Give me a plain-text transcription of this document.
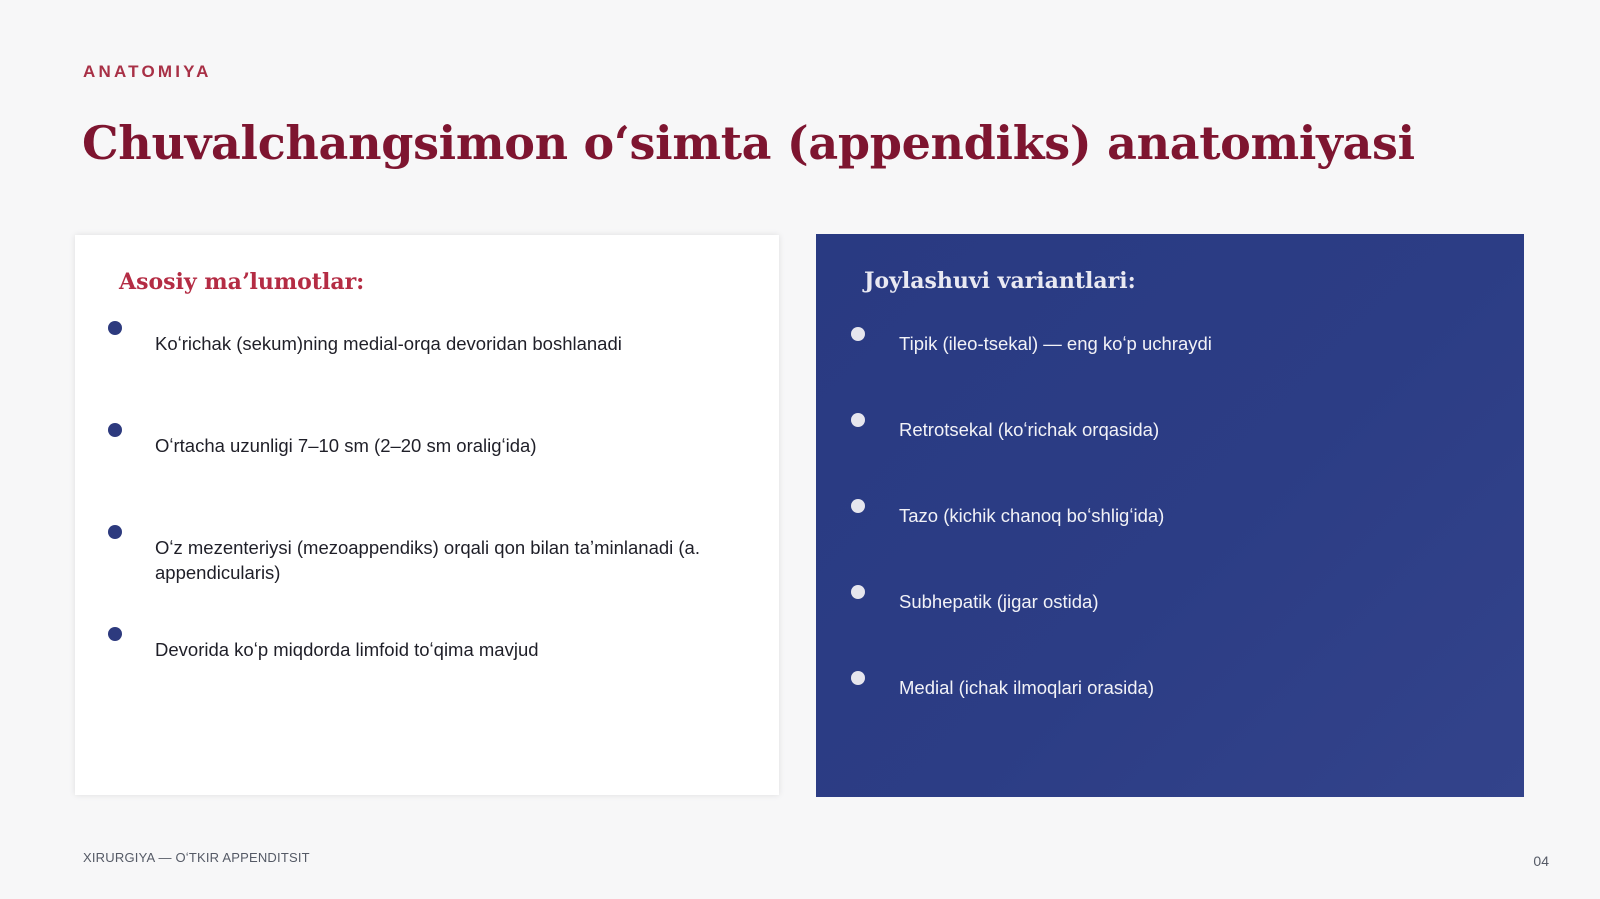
ANATOMIYA
Chuvalchangsimon oʻsimta (appendiks) anatomiyasi
Asosiy maʼlumotlar:
Koʻrichak (sekum)ning medial-orqa devoridan boshlanadi
Oʻrtacha uzunligi 7–10 sm (2–20 sm oraligʻida)
Oʻz mezenteriysi (mezoappendiks) orqali qon bilan taʼminlanadi (a. appendicularis)
Devorida koʻp miqdorda limfoid toʻqima mavjud
Joylashuvi variantlari:
Tipik (ileo-tsekal) — eng koʻp uchraydi
Retrotsekal (koʻrichak orqasida)
Tazo (kichik chanoq boʻshligʻida)
Subhepatik (jigar ostida)
Medial (ichak ilmoqlari orasida)
XIRURGIYA — OʻTKIR APPENDITSIT	04
